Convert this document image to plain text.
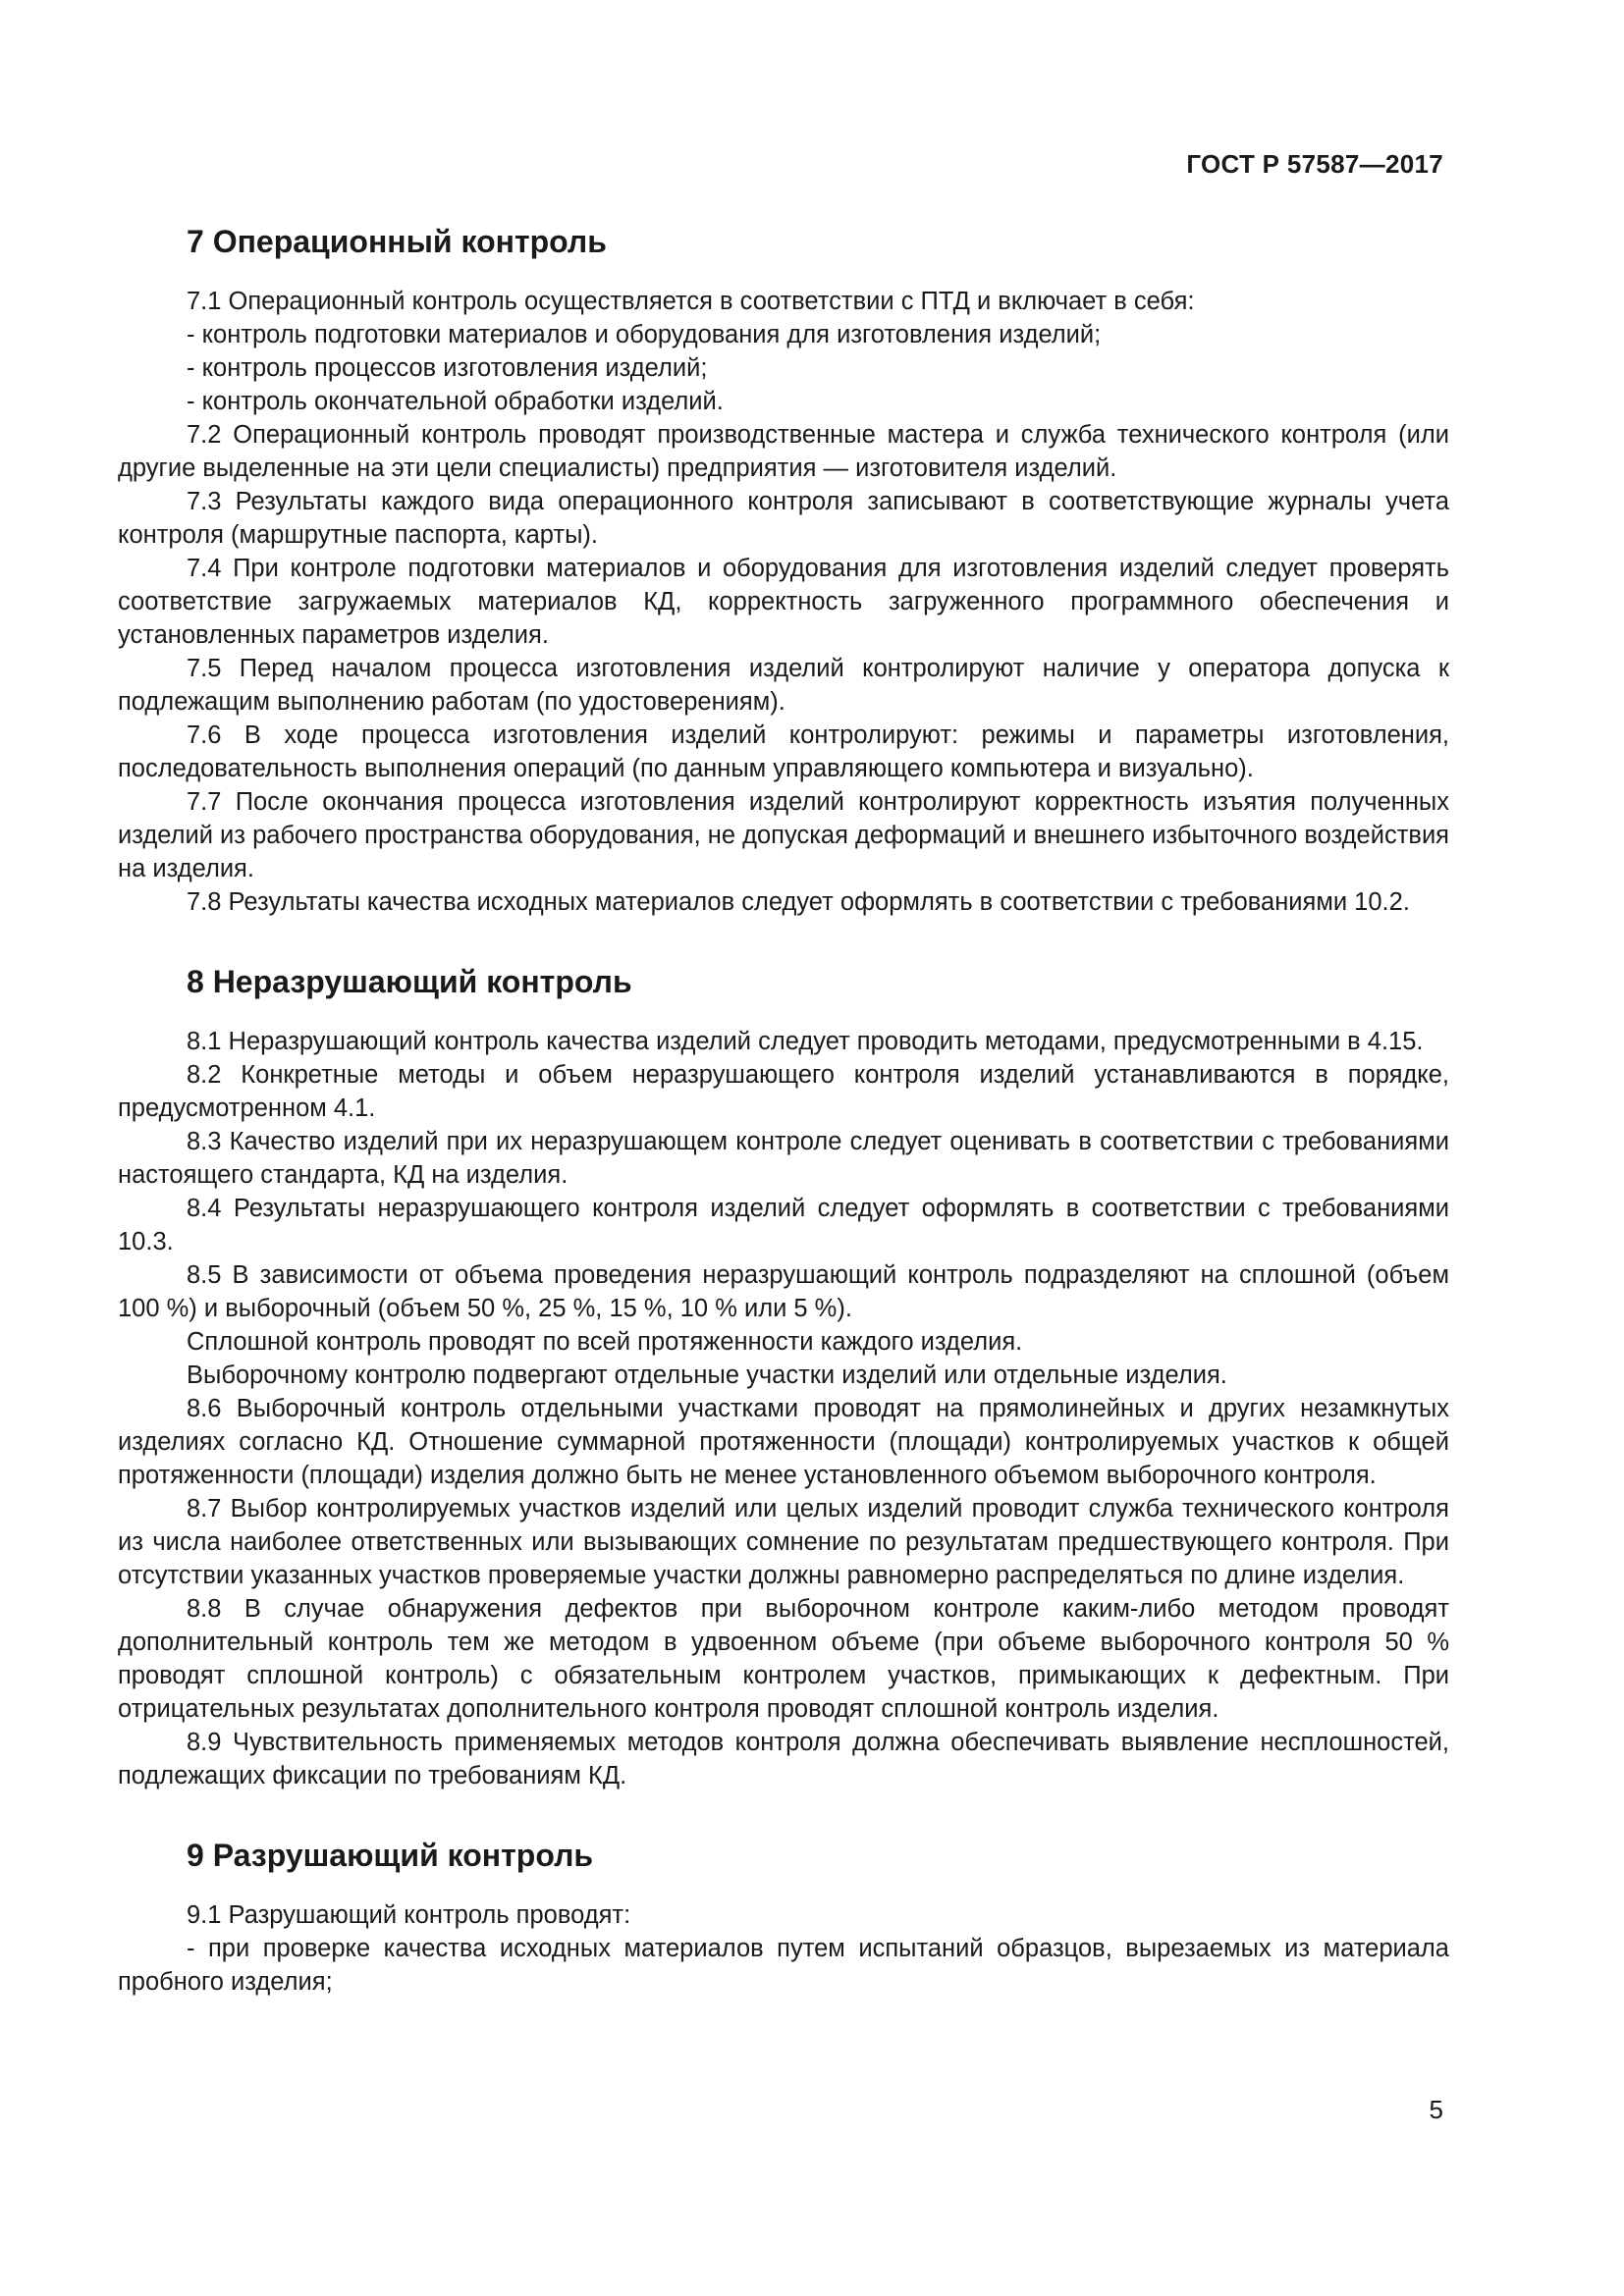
ГОСТ Р 57587—2017
7 Операционный контроль

7.1 Операционный контроль осуществляется в соответствии с ПТД и включает в себя:

- контроль подготовки материалов и оборудования для изготовления изделий;

- контроль процессов изготовления изделий;

- контроль окончательной обработки изделий.

7.2 Операционный контроль проводят производственные мастера и служба технического контроля (или другие выделенные на эти цели специалисты) предприятия — изготовителя изделий.

7.3 Результаты каждого вида операционного контроля записывают в соответствующие журналы учета контроля (маршрутные паспорта, карты).

7.4 При контроле подготовки материалов и оборудования для изготовления изделий следует проверять соответствие загружаемых материалов КД, корректность загруженного программного обеспечения и установленных параметров изделия.

7.5 Перед началом процесса изготовления изделий контролируют наличие у оператора допуска к подлежащим выполнению работам (по удостоверениям).

7.6 В ходе процесса изготовления изделий контролируют: режимы и параметры изготовления, последовательность выполнения операций (по данным управляющего компьютера и визуально).

7.7 После окончания процесса изготовления изделий контролируют корректность изъятия полученных изделий из рабочего пространства оборудования, не допуская деформаций и внешнего избыточного воздействия на изделия.

7.8 Результаты качества исходных материалов следует оформлять в соответствии с требованиями 10.2.

8 Неразрушающий контроль

8.1 Неразрушающий контроль качества изделий следует проводить методами, предусмотренными в 4.15.

8.2 Конкретные методы и объем неразрушающего контроля изделий устанавливаются в порядке, предусмотренном 4.1.

8.3 Качество изделий при их неразрушающем контроле следует оценивать в соответствии с требованиями настоящего стандарта, КД на изделия.

8.4 Результаты неразрушающего контроля изделий следует оформлять в соответствии с требованиями 10.3.

8.5 В зависимости от объема проведения неразрушающий контроль подразделяют на сплошной (объем 100 %) и выборочный (объем 50 %, 25 %, 15 %, 10 % или 5 %).

Сплошной контроль проводят по всей протяженности каждого изделия.

Выборочному контролю подвергают отдельные участки изделий или отдельные изделия.

8.6 Выборочный контроль отдельными участками проводят на прямолинейных и других незамкнутых изделиях согласно КД. Отношение суммарной протяженности (площади) контролируемых участков к общей протяженности (площади) изделия должно быть не менее установленного объемом выборочного контроля.

8.7 Выбор контролируемых участков изделий или целых изделий проводит служба технического контроля из числа наиболее ответственных или вызывающих сомнение по результатам предшествующего контроля. При отсутствии указанных участков проверяемые участки должны равномерно распределяться по длине изделия.

8.8 В случае обнаружения дефектов при выборочном контроле каким-либо методом проводят дополнительный контроль тем же методом в удвоенном объеме (при объеме выборочного контроля 50 % проводят сплошной контроль) с обязательным контролем участков, примыкающих к дефектным. При отрицательных результатах дополнительного контроля проводят сплошной контроль изделия.

8.9 Чувствительность применяемых методов контроля должна обеспечивать выявление несплошностей, подлежащих фиксации по требованиям КД.

9 Разрушающий контроль

9.1 Разрушающий контроль проводят:

- при проверке качества исходных материалов путем испытаний образцов, вырезаемых из материала пробного изделия;

5
